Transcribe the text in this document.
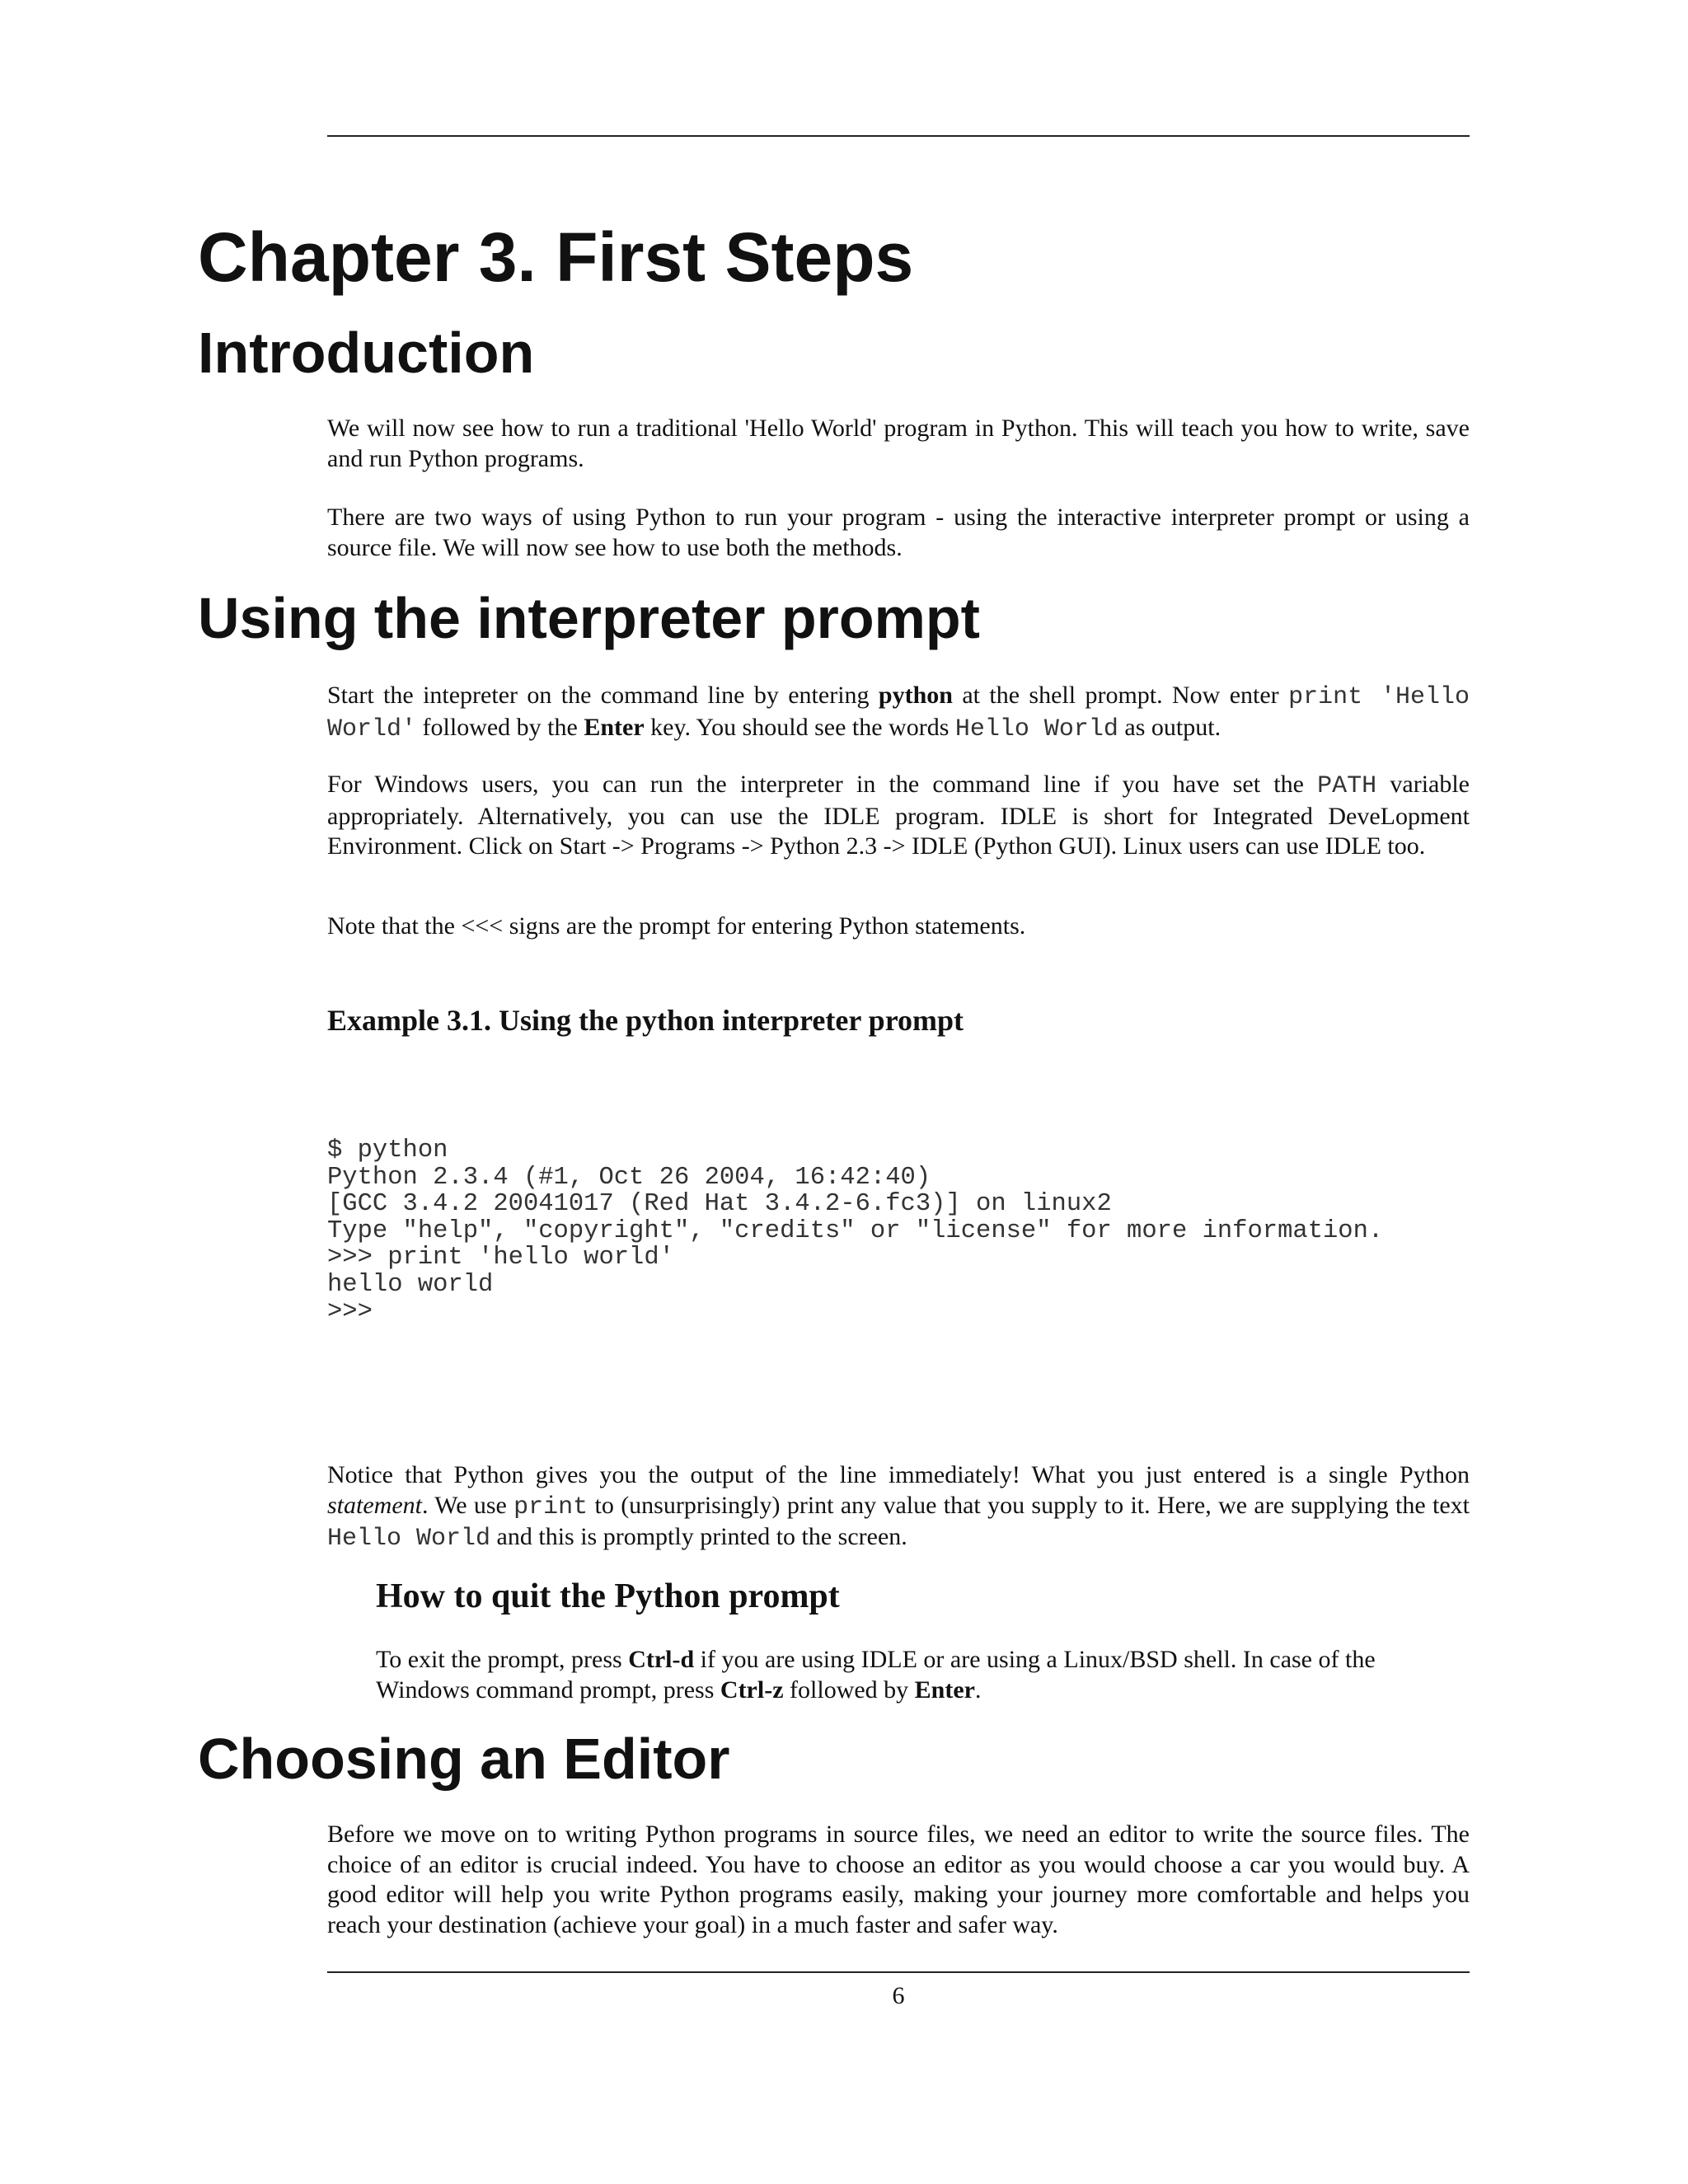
Chapter 3. First Steps
Introduction

We will now see how to run a traditional 'Hello World' program in Python. This will teach you how to write, save and run Python programs.

There are two ways of using Python to run your program - using the interactive interpreter prompt or using a source file. We will now see how to use both the methods.

Using the interpreter prompt

Start the intepreter on the command line by entering python at the shell prompt. Now enter print 'Hello World' followed by the Enter key. You should see the words Hello World as output.

For Windows users, you can run the interpreter in the command line if you have set the PATH variable appropriately. Alternatively, you can use the IDLE program. IDLE is short for Integrated DeveLopment Environment. Click on Start -> Programs -> Python 2.3 -> IDLE (Python GUI). Linux users can use IDLE too.

Note that the <<< signs are the prompt for entering Python statements.

Example 3.1. Using the python interpreter prompt

$ python
Python 2.3.4 (#1, Oct 26 2004, 16:42:40)
[GCC 3.4.2 20041017 (Red Hat 3.4.2-6.fc3)] on linux2
Type "help", "copyright", "credits" or "license" for more information.
>>> print 'hello world'
hello world
>>>

Notice that Python gives you the output of the line immediately! What you just entered is a single Python statement. We use print to (unsurprisingly) print any value that you supply to it. Here, we are supplying the text Hello World and this is promptly printed to the screen.

How to quit the Python prompt

To exit the prompt, press Ctrl-d if you are using IDLE or are using a Linux/BSD shell. In case of the Windows command prompt, press Ctrl-z followed by Enter.

Choosing an Editor

Before we move on to writing Python programs in source files, we need an editor to write the source files. The choice of an editor is crucial indeed. You have to choose an editor as you would choose a car you would buy. A good editor will help you write Python programs easily, making your journey more comfortable and helps you reach your destination (achieve your goal) in a much faster and safer way.

6
